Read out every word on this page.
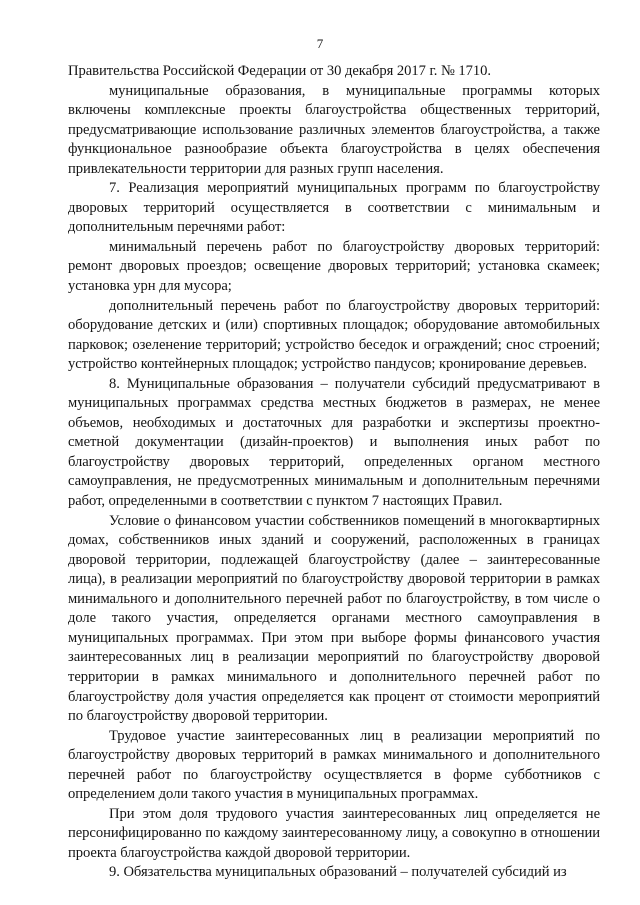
7

Правительства Российской Федерации от 30 декабря 2017 г. № 1710.

муниципальные образования, в муниципальные программы которых включены комплексные проекты благоустройства общественных территорий, предусматривающие использование различных элементов благоустройства, а также функциональное разнообразие объекта благоустройства в целях обеспечения привлекательности территории для разных групп населения.

7. Реализация мероприятий муниципальных программ по благоустройству дворовых территорий осуществляется в соответствии с минимальным и дополнительным перечнями работ:

минимальный перечень работ по благоустройству дворовых территорий: ремонт дворовых проездов; освещение дворовых территорий; установка скамеек; установка урн для мусора;

дополнительный перечень работ по благоустройству дворовых территорий: оборудование детских и (или) спортивных площадок; оборудование автомобильных парковок; озеленение территорий; устройство беседок и ограждений; снос строений; устройство контейнерных площадок; устройство пандусов; кронирование деревьев.

8. Муниципальные образования – получатели субсидий предусматривают в муниципальных программах средства местных бюджетов в размерах, не менее объемов, необходимых и достаточных для разработки и экспертизы проектно-сметной документации (дизайн-проектов) и выполнения иных работ по благоустройству дворовых территорий, определенных органом местного самоуправления, не предусмотренных минимальным и дополнительным перечнями работ, определенными в соответствии с пунктом 7 настоящих Правил.

Условие о финансовом участии собственников помещений в многоквартирных домах, собственников иных зданий и сооружений, расположенных в границах дворовой территории, подлежащей благоустройству (далее – заинтересованные лица), в реализации мероприятий по благоустройству дворовой территории в рамках минимального и дополнительного перечней работ по благоустройству, в том числе о доле такого участия, определяется органами местного самоуправления в муниципальных программах. При этом при выборе формы финансового участия заинтересованных лиц в реализации мероприятий по благоустройству дворовой территории в рамках минимального и дополнительного перечней работ по благоустройству доля участия определяется как процент от стоимости мероприятий по благоустройству дворовой территории.

Трудовое участие заинтересованных лиц в реализации мероприятий по благоустройству дворовых территорий в рамках минимального и дополнительного перечней работ по благоустройству осуществляется в форме субботников с определением доли такого участия в муниципальных программах.

При этом доля трудового участия заинтересованных лиц определяется не персонифицированно по каждому заинтересованному лицу, а совокупно в отношении проекта благоустройства каждой дворовой территории.

9. Обязательства муниципальных образований – получателей субсидий из
